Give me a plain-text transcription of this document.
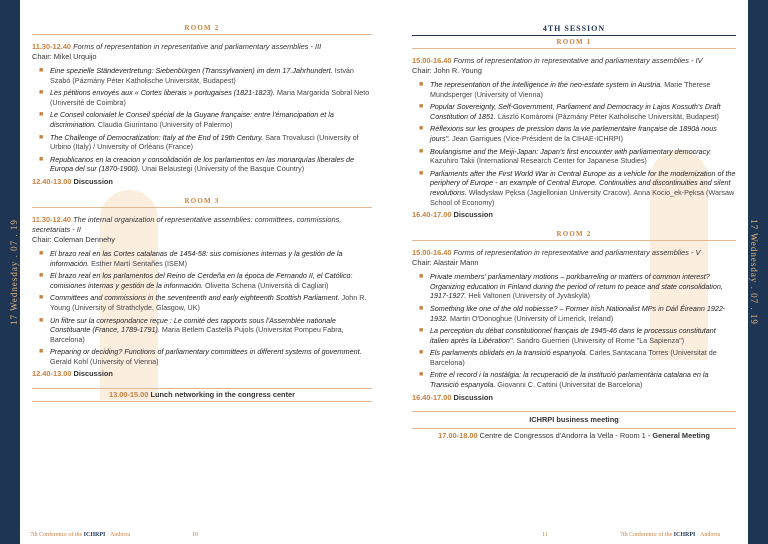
17 Wednesday . 07 . 19
ROOM 2
11.30-12.40 Forms of representation in representative and parliamentary assemblies - III
Chair: Mikel Urquijo
■ Eine spezielle Ständevertretung: Siebenbürgen (Transsylvanien) im dem 17.Jahrhundert. István Szabó (Pázmány Péter Katholische Universität, Budapest)
■ Les pétitions envoyés aux « Cortes liberais » portugaises (1821-1823). Maria Margarida Sobral Neto (Université de Coimbra)
■ Le Conseil colonialet le Conseil spécial de la Guyane française: entre l'émancipation et la discrimination. Claudia Giurintano (University of Palermo)
■ The Challenge of Democratization: Italy at the End of 19th Century. Sara Trovalusci (University of Urbino (Italy) / University of Orléans (France)
■ Republicanos en la creacion y consolidación de los parlamentos en las monarquías liberales de Europa del sur (1870-1900). Unai Belaustegi (University of the Basque Country)
12.40-13.00 Discussion
ROOM 3
11.30-12.40 The internal organization of representative assemblies: committees, commissions, secretariats - II
Chair: Coleman Dennehy
■ El brazo real en las Cortes catalanas de 1454-58: sus comisiones internas y la gestión de la información. Esther Martí Sentañes (ISEM)
■ El brazo real en los parlamentos del Reino de Cerdeña en la época de Fernando II, el Católico: comisiones internas y gestión de la información. Olivetta Schena (Università di Cagliari)
■ Committees and commissions in the seventeenth and early eighteenth Scottish Parliament. John R. Young (University of Strathclyde, Glasgow, UK)
■ Un filtre sur la correspondance reçue : Le comité des rapports sous l'Assemblée nationale Constituante (France, 1789-1791). Maria Betlem Castellà Pujols (Universitat Pompeu Fabra, Barcelona)
■ Preparing or deciding? Functions of parliamentary committees in different systems of government. Gerald Kohl (University of Vienna)
12.40-13.00 Discussion
13.00-15.00 Lunch networking in the congress center
7th Conference of the ICHRPI · Andorra	10
4TH SESSION
ROOM 1
15.00-16.40 Forms of representation in representative and parliamentary assemblies - IV
Chair: John R. Young
■ The representation of the intelligence in the neo-estate system in Austria. Marie Therese Mundsperger (University of Vienna)
■ Popular Sovereignty, Self-Government, Parliament and Democracy in Lajos Kossuth's Draft Constitution of 1851. László Komáromi (Pázmány Péter Katholische Universität, Budapest)
■ Réflexions sur les groupes de pression dans la vie parlementaire française de 1890à nous jours". Jean Garrigues (Vice-Président de la CIHAE-ICHRPI)
■ Boulangisme and the Meiji-Japan: Japan's first encounter with parliamentary democracy. Kazuhiro Takii (International Research Center for Japanese Studies)
■ Parliaments after the First World War in Central Europe as a vehicle for the modernization of the periphery of Europe - an example of Central Europe. Continuities and discontinuities and silent revolutions. Władysław Pęksa (Jagiellonian University Cracow). Anna Kocio_ek-Pęksa (Warsaw School of Economy)
16.40-17.00 Discussion
ROOM 2
15.00-16.40 Forms of representation in representative and parliamentary assemblies - V
Chair: Alastair Mann
■ Private members' parliamentary motions – porkbarreling or matters of common interest? Organizing education in Finland during the period of return to peace and state consolidation, 1917-1927. Heli Valtonen (University of Jyväskylä)
■ Something like one of the old nobiesse? – Former Irish Nationalist MPs in Dáil Éireann 1922-1932. Martin O'Donoghue (University of Limerick, Ireland)
■ La perception du débat constitutionnel français de 1945-46 dans le processus constitutant italien après la Libération". Sandro Guerrieri (University of Rome "La Sapienza")
■ Els parlaments oblidats en la transició espanyola. Carles Santacana Torres (Universitat de Barcelona)
■ Entre el record i la nostàlgia: la recuperació de la institució parlamentària catalana en la Transició espanyola. Giovanni C. Cattini (Universitat de Barcelona)
16.40-17.00 Discussion
ICHRPI business meeting
17.00-18.00 Centre de Congressos d'Andorra la Vella - Room 1 - General Meeting
11	7th Conference of the ICHRPI · Andorra
17 Wednesday . 07 . 19
